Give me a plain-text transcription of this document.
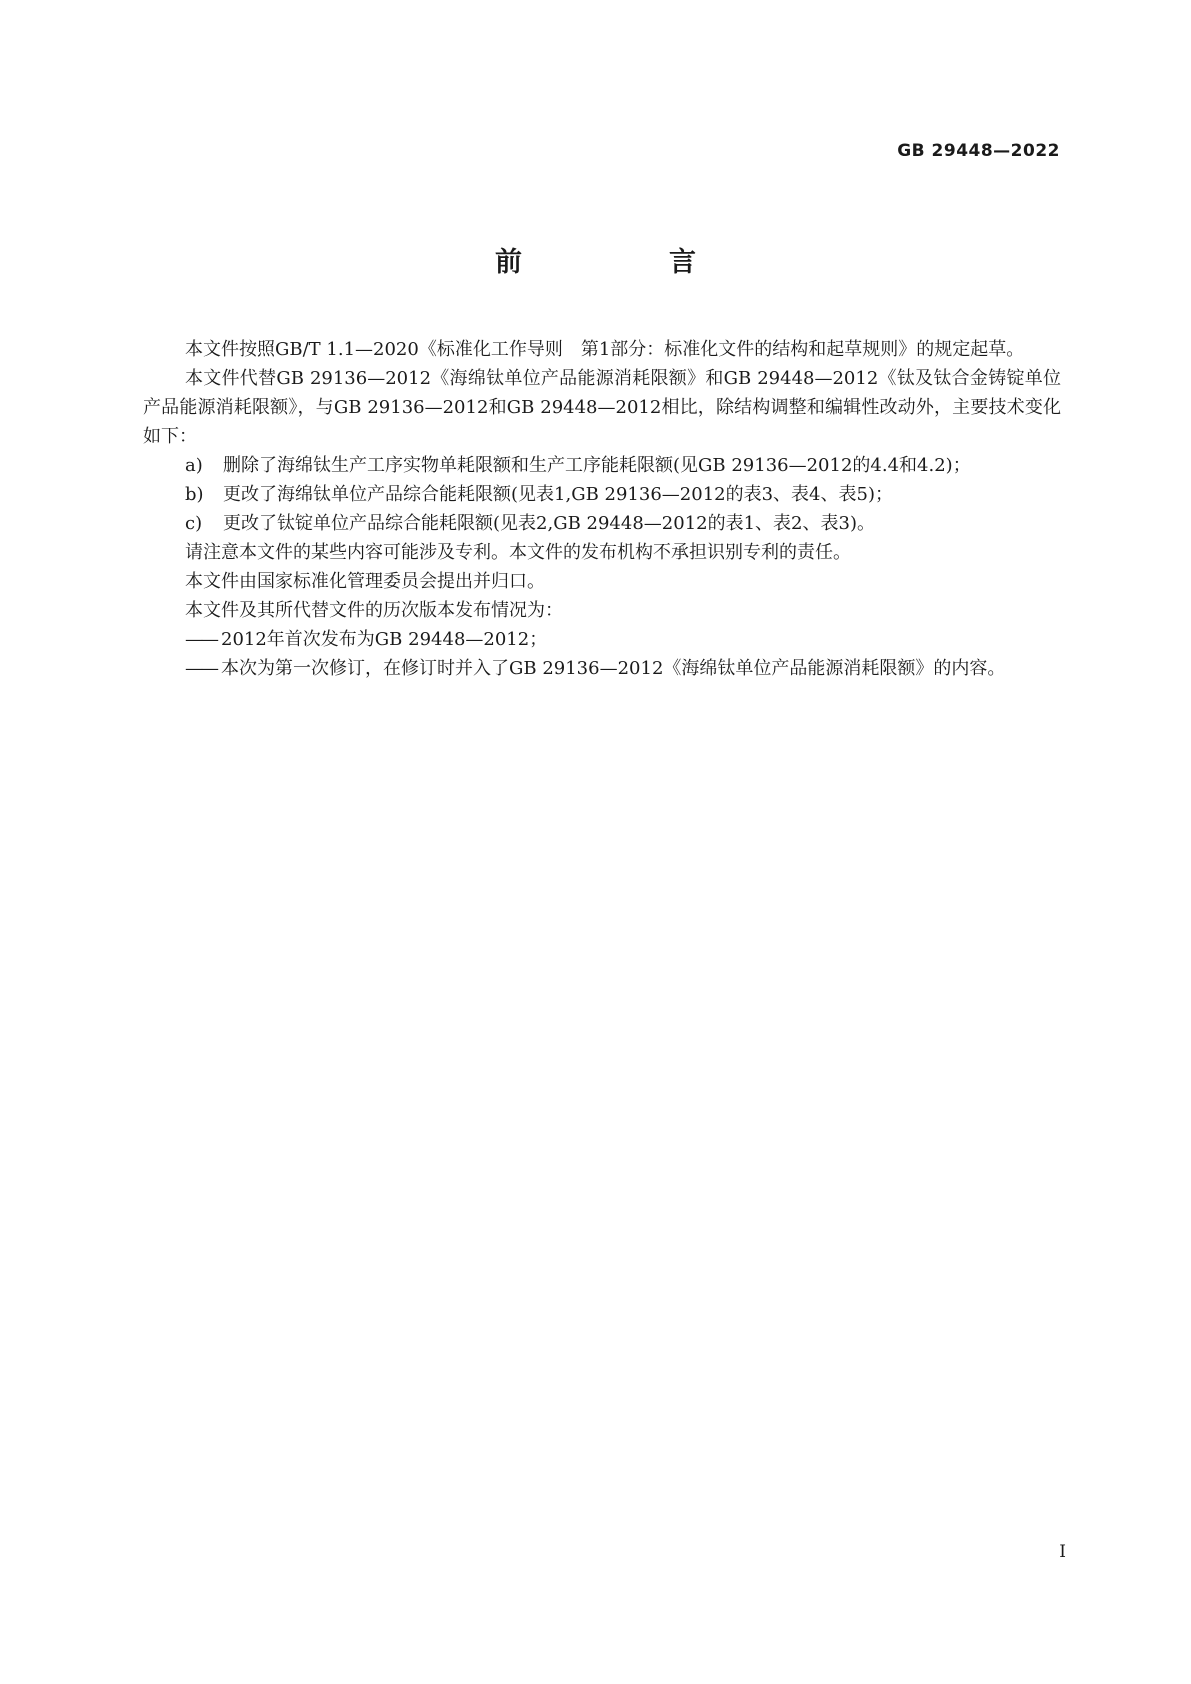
GB 29448—2022
前　言

本文件按照GB/T 1.1—2020《标准化工作导则　第1部分：标准化文件的结构和起草规则》的规定起草。

本文件代替GB 29136—2012《海绵钛单位产品能源消耗限额》和GB 29448—2012《钛及钛合金铸锭单位产品能源消耗限额》，与GB 29136—2012和GB 29448—2012相比，除结构调整和编辑性改动外，主要技术变化如下：

a) 删除了海绵钛生产工序实物单耗限额和生产工序能耗限额(见GB 29136—2012的4.4和4.2)；

b) 更改了海绵钛单位产品综合能耗限额(见表1,GB 29136—2012的表3、表4、表5)；

c) 更改了钛锭单位产品综合能耗限额(见表2,GB 29448—2012的表1、表2、表3)。

请注意本文件的某些内容可能涉及专利。本文件的发布机构不承担识别专利的责任。

本文件由国家标准化管理委员会提出并归口。

本文件及其所代替文件的历次版本发布情况为：

—— 2012年首次发布为GB 29448—2012；

—— 本次为第一次修订，在修订时并入了GB 29136—2012《海绵钛单位产品能源消耗限额》的内容。

I
